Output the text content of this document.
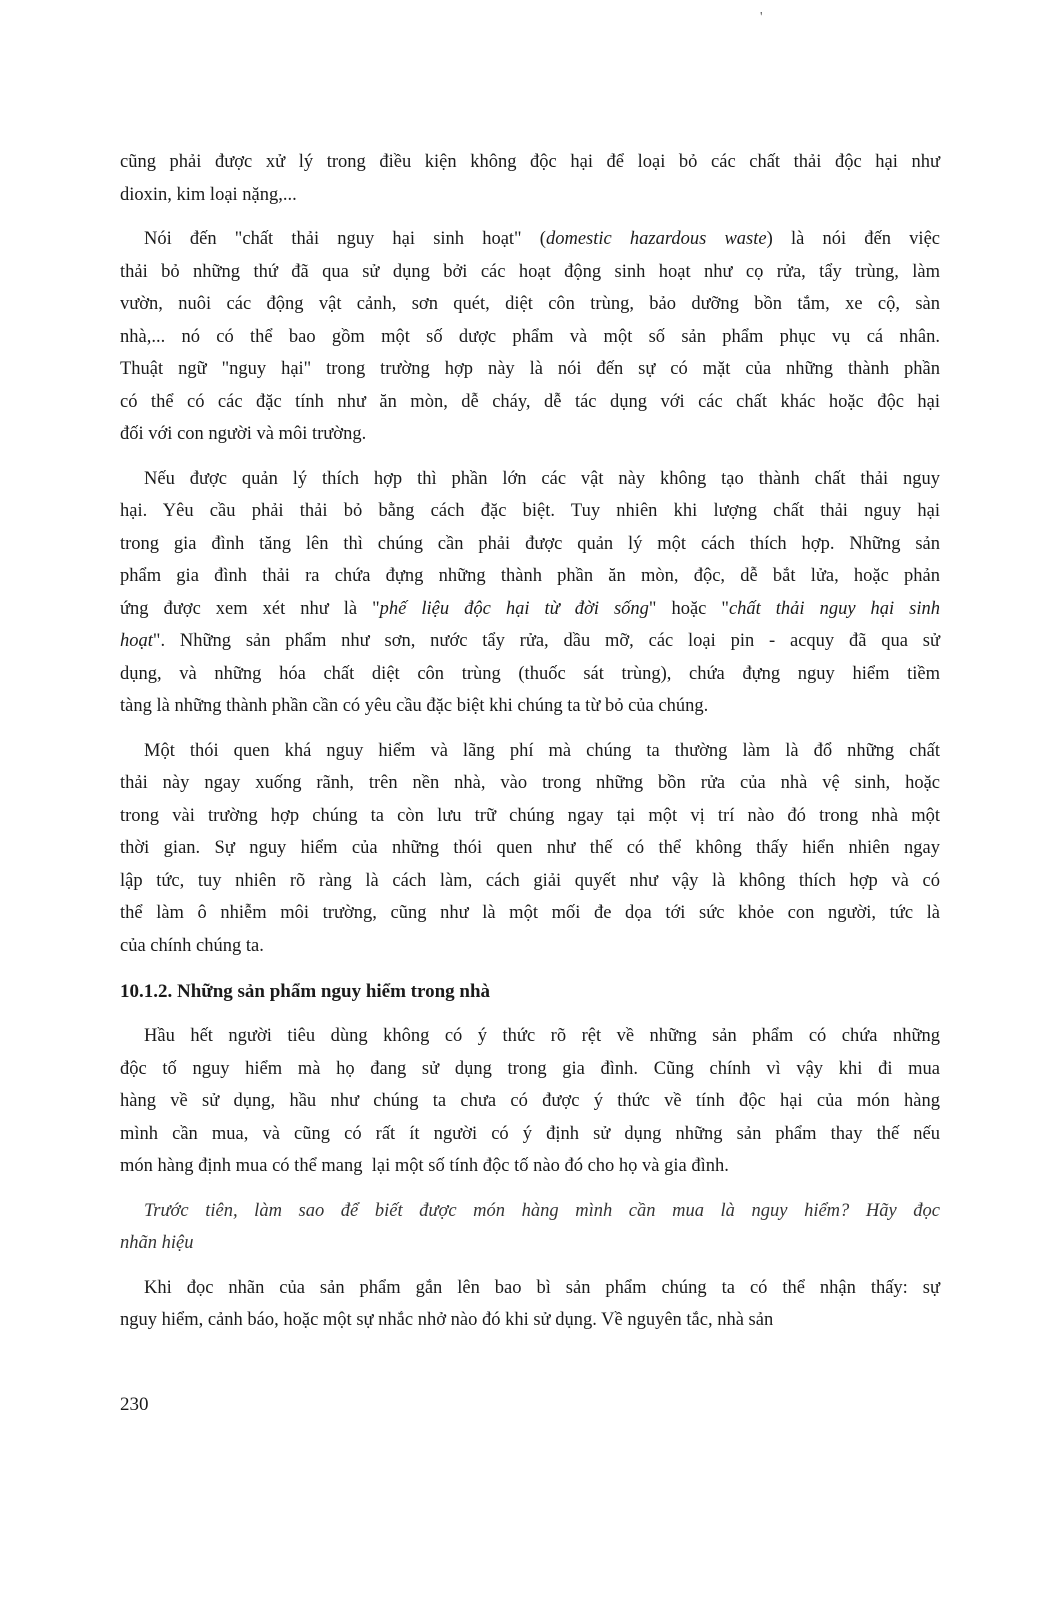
'
cũng phải được xử lý trong điều kiện không độc hại để loại bỏ các chất thải độc hại như
dioxin, kim loại nặng,...
Nói đến "chất thải nguy hại sinh hoạt" (domestic hazardous waste) là nói đến việc
thải bỏ những thứ đã qua sử dụng bởi các hoạt động sinh hoạt như cọ rửa, tẩy trùng, làm
vườn, nuôi các động vật cảnh, sơn quét, diệt côn trùng, bảo dưỡng bồn tắm, xe cộ, sàn
nhà,... nó có thể bao gồm một số dược phẩm và một số sản phẩm phục vụ cá nhân.
Thuật ngữ "nguy hại" trong trường hợp này là nói đến sự có mặt của những thành phần
có thể có các đặc tính như ăn mòn, dễ cháy, dễ tác dụng với các chất khác hoặc độc hại
đối với con người và môi trường.
Nếu được quản lý thích hợp thì phần lớn các vật này không tạo thành chất thải nguy
hại. Yêu cầu phải thải bỏ bằng cách đặc biệt. Tuy nhiên khi lượng chất thải nguy hại
trong gia đình tăng lên thì chúng cần phải được quản lý một cách thích hợp. Những sản
phẩm gia đình thải ra chứa đựng những thành phần ăn mòn, độc, dễ bắt lửa, hoặc phản
ứng được xem xét như là "phế liệu độc hại từ đời sống" hoặc "chất thải nguy hại sinh
hoạt". Những sản phẩm như sơn, nước tẩy rửa, dầu mỡ, các loại pin - acquy đã qua sử
dụng, và những hóa chất diệt côn trùng (thuốc sát trùng), chứa đựng nguy hiểm tiềm
tàng là những thành phần cần có yêu cầu đặc biệt khi chúng ta từ bỏ của chúng.
Một thói quen khá nguy hiểm và lãng phí mà chúng ta thường làm là đổ những chất
thải này ngay xuống rãnh, trên nền nhà, vào trong những bồn rửa của nhà vệ sinh, hoặc
trong vài trường hợp chúng ta còn lưu trữ chúng ngay tại một vị trí nào đó trong nhà một
thời gian. Sự nguy hiểm của những thói quen như thế có thể không thấy hiển nhiên ngay
lập tức, tuy nhiên rõ ràng là cách làm, cách giải quyết như vậy là không thích hợp và có
thể làm ô nhiễm môi trường, cũng như là một mối đe dọa tới sức khỏe con người, tức là
của chính chúng ta.
10.1.2. Những sản phẩm nguy hiểm trong nhà
Hầu hết người tiêu dùng không có ý thức rõ rệt về những sản phẩm có chứa những
độc tố nguy hiểm mà họ đang sử dụng trong gia đình. Cũng chính vì vậy khi đi mua
hàng về sử dụng, hầu như chúng ta chưa có được ý thức về tính độc hại của món hàng
mình cần mua, và cũng có rất ít người có ý định sử dụng những sản phẩm thay thế nếu
món hàng định mua có thể mang  lại một số tính độc tố nào đó cho họ và gia đình.
Trước tiên, làm sao để biết được món hàng mình cần mua là nguy hiểm? Hãy đọc
nhãn hiệu
Khi đọc nhãn của sản phẩm gắn lên bao bì sản phẩm chúng ta có thể nhận thấy: sự
nguy hiểm, cảnh báo, hoặc một sự nhắc nhở nào đó khi sử dụng. Về nguyên tắc, nhà sản
230
